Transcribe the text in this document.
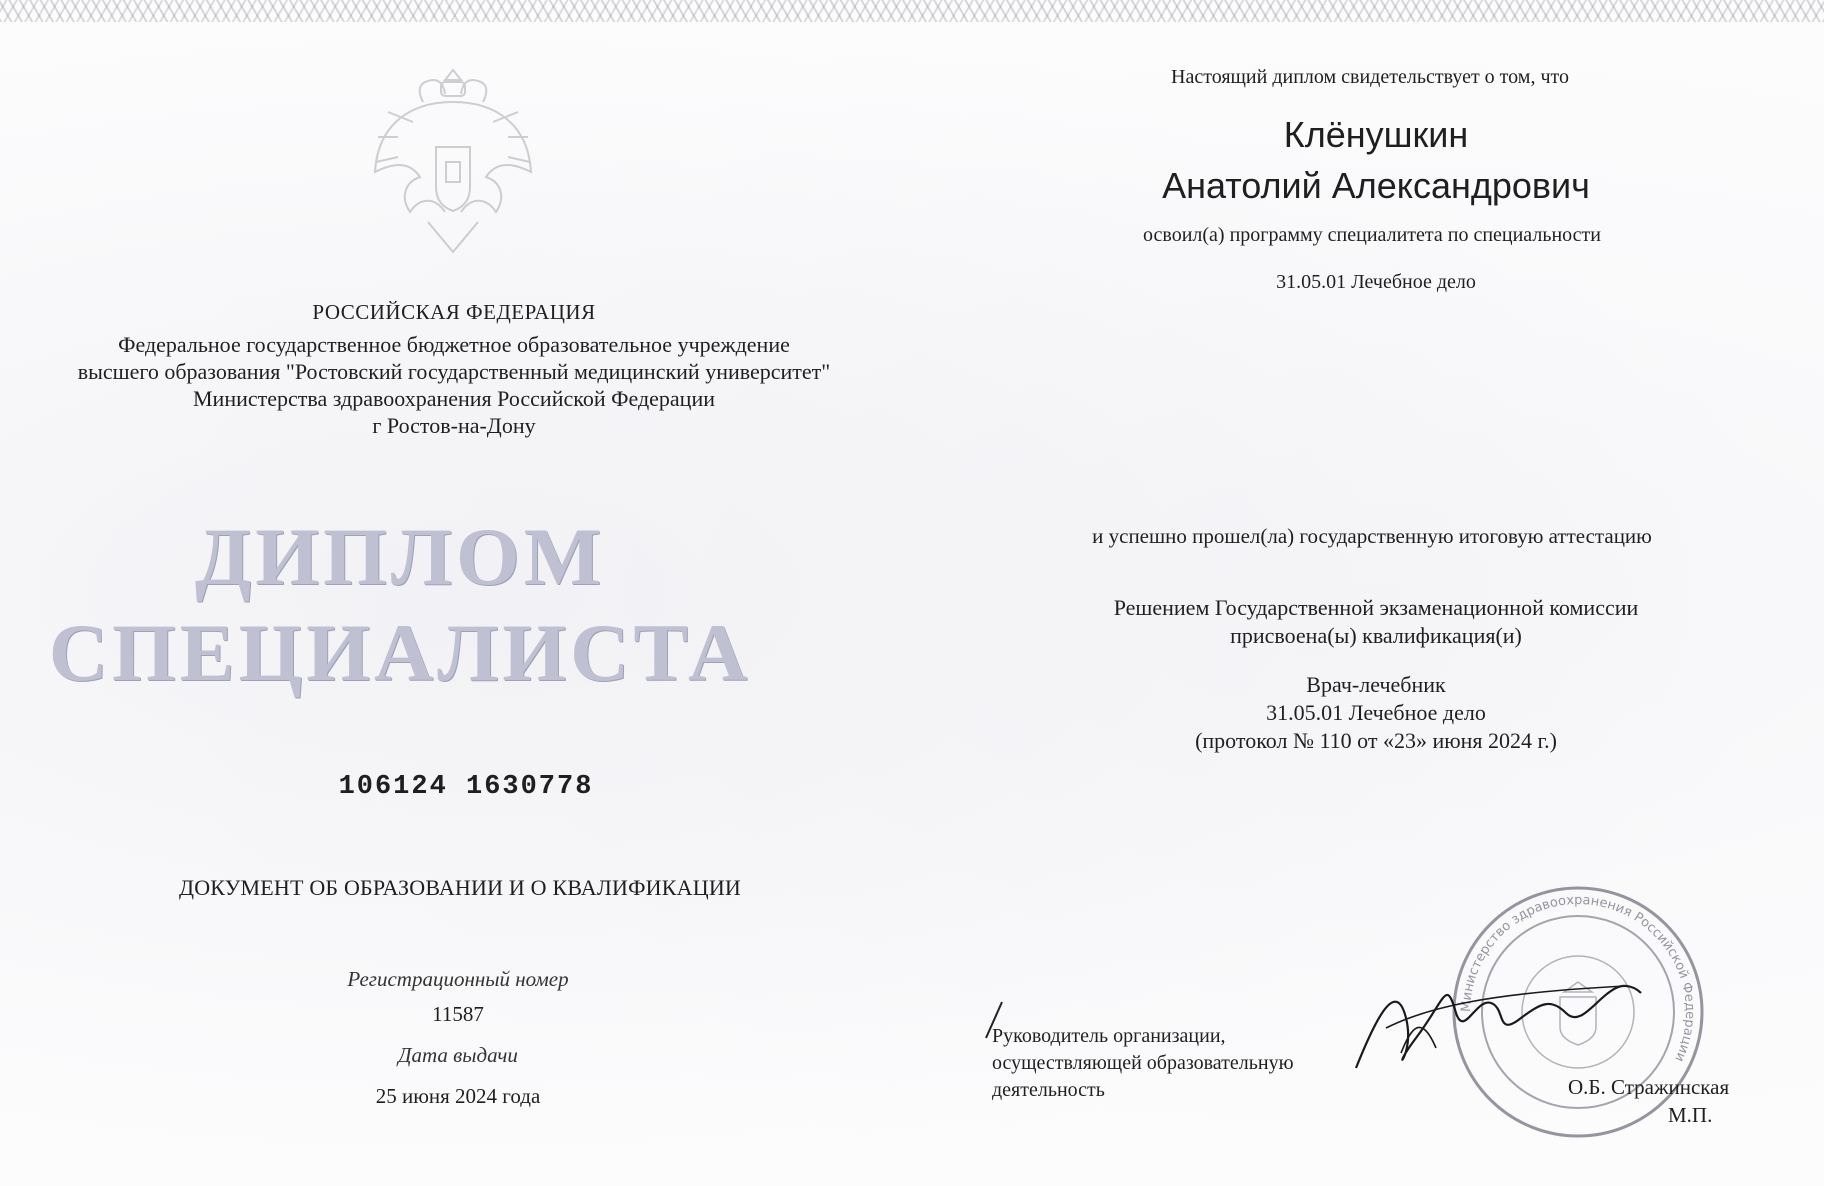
РОССИЙСКАЯ ФЕДЕРАЦИЯ
Федеральное государственное бюджетное образовательное учреждение
высшего образования "Ростовский государственный медицинский университет"
Министерства здравоохранения Российской Федерации
г Ростов-на-Дону
ДИПЛОМ
СПЕЦИАЛИСТА
106124 1630778
ДОКУМЕНТ ОБ ОБРАЗОВАНИИ И О КВАЛИФИКАЦИИ
Регистрационный номер
11587
Дата выдачи
25 июня 2024 года
Настоящий диплом свидетельствует о том, что
Клёнушкин
Анатолий Александрович
освоил(а) программу специалитета по специальности
31.05.01 Лечебное дело
и успешно прошел(ла) государственную итоговую аттестацию
Решением Государственной экзаменационной комиссии
присвоена(ы) квалификация(и)
Врач-лечебник
31.05.01 Лечебное дело
(протокол № 110 от «23» июня 2024 г.)
Руководитель организации,
осуществляющей образовательную
деятельность
Министерство здравоохранения Российской Федерации
О.Б. Стражинская
М.П.
